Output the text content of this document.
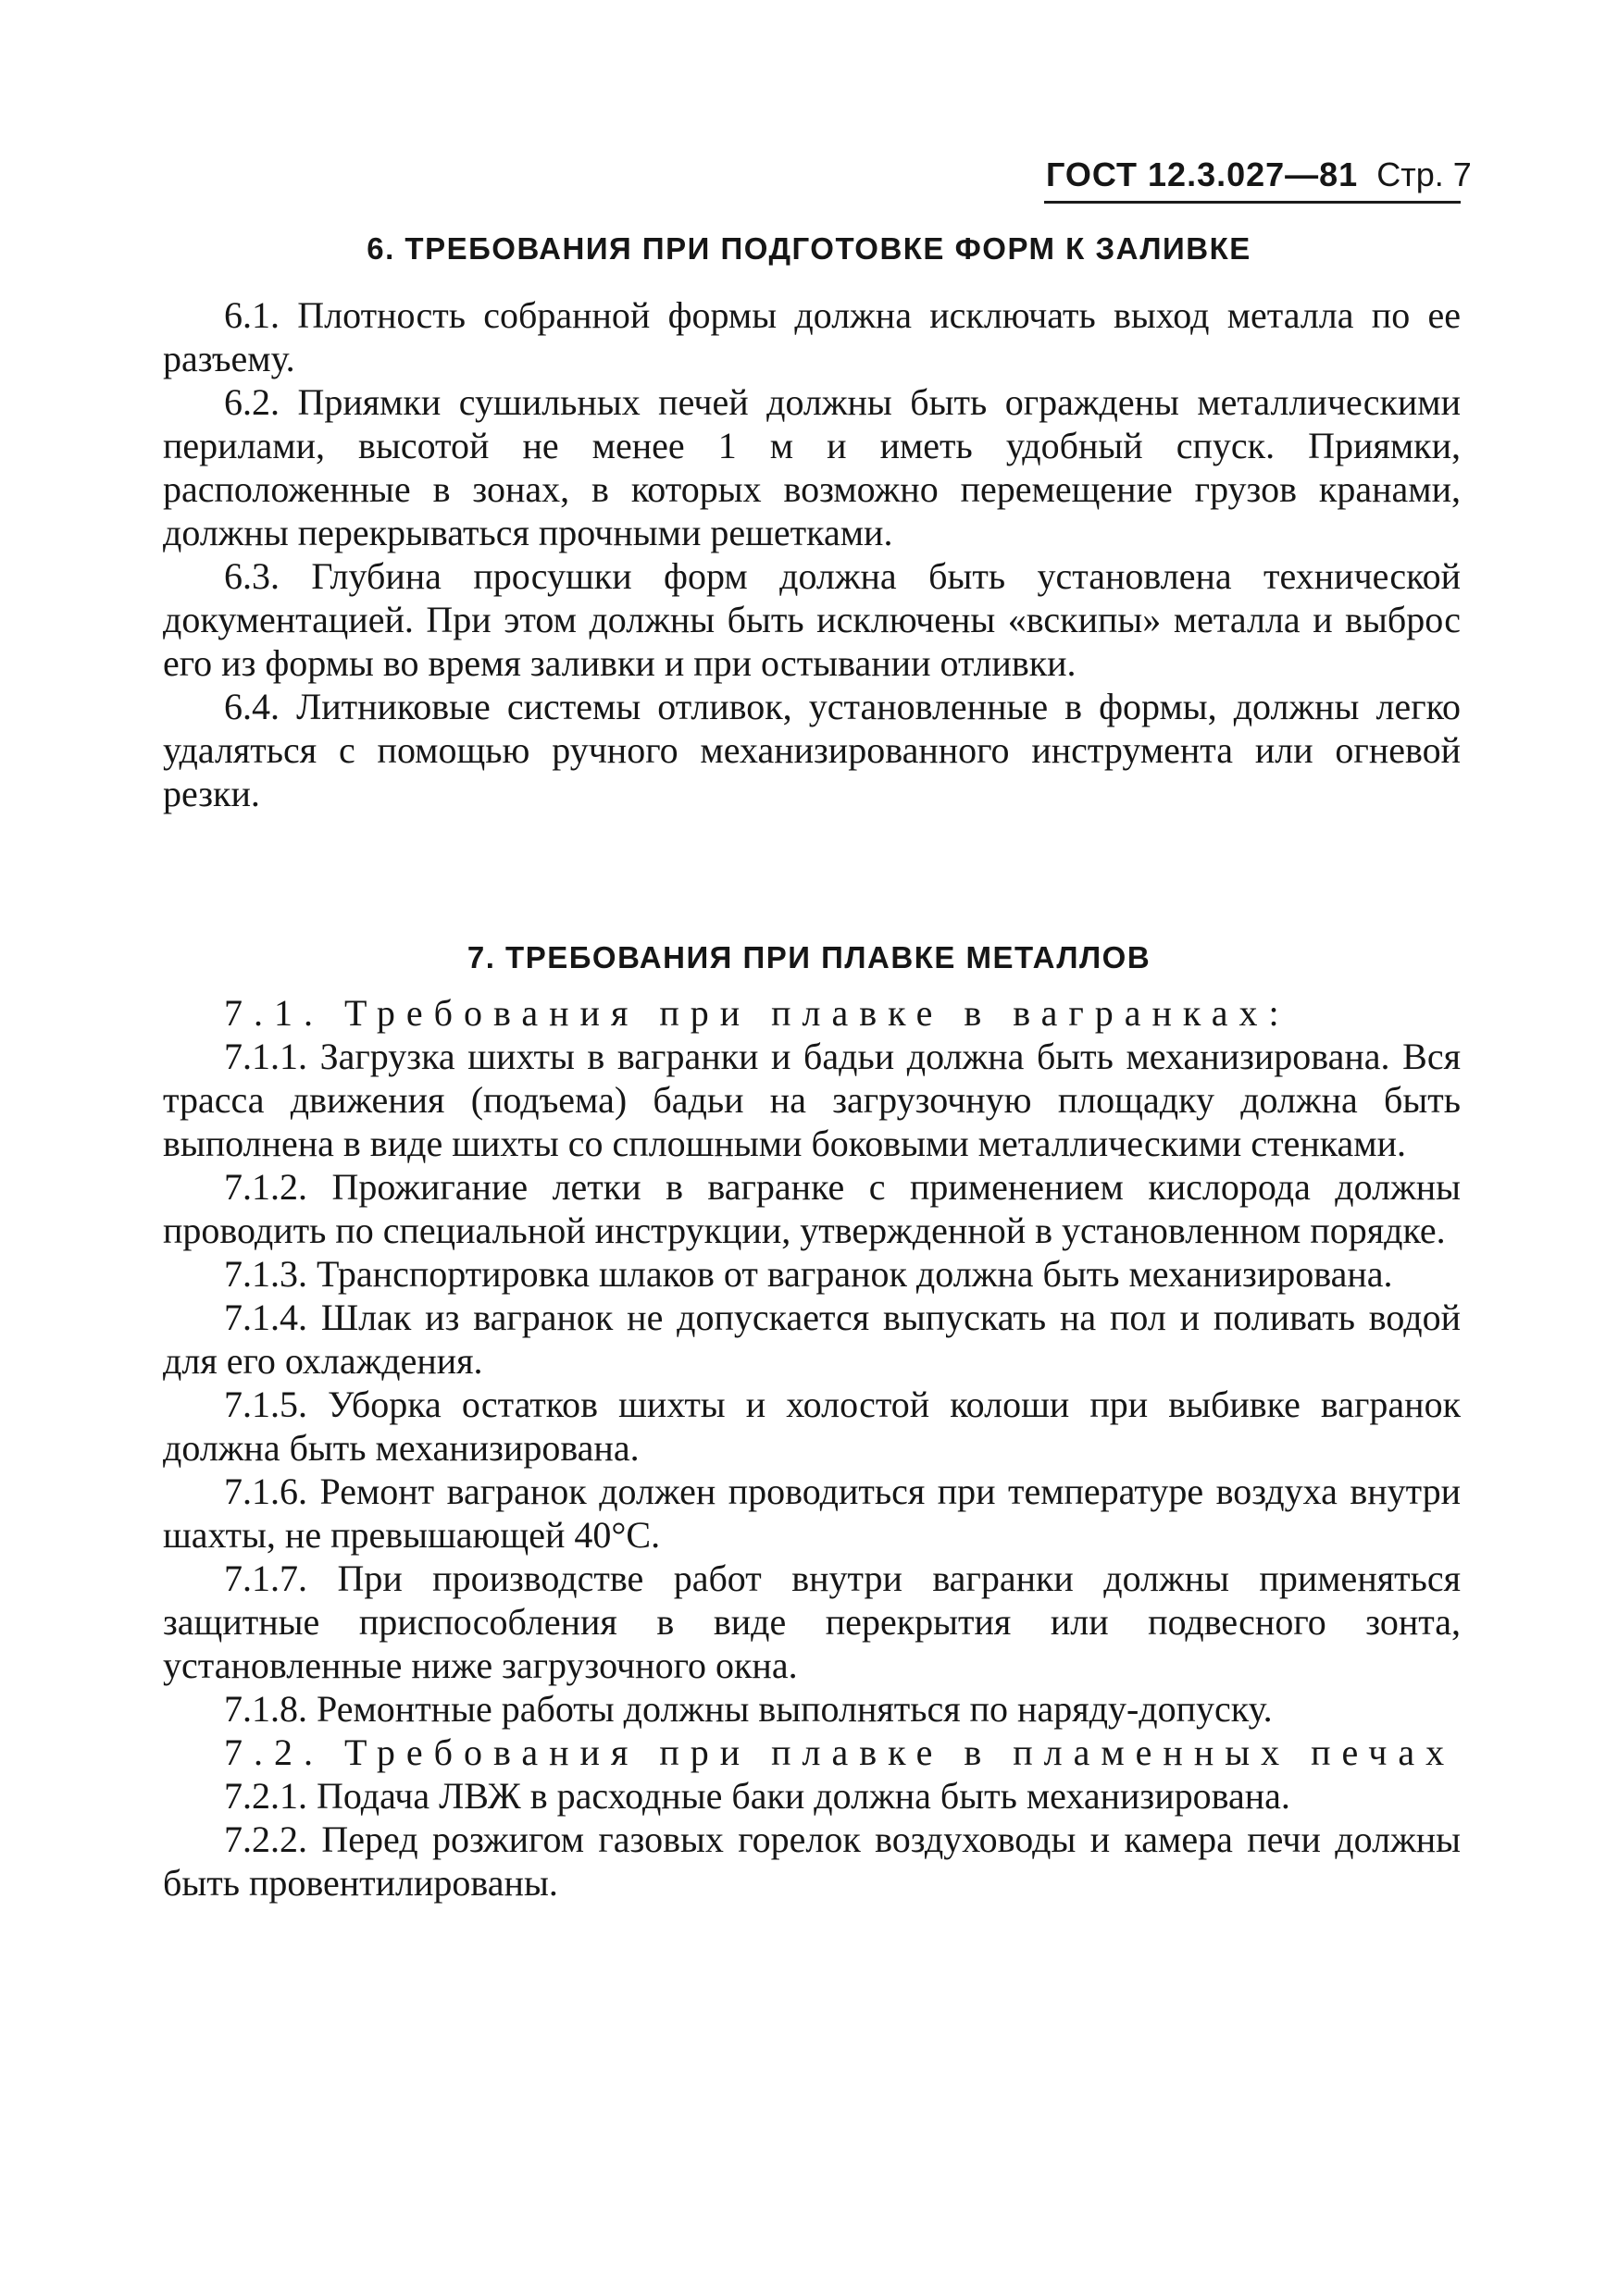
ГОСТ 12.3.027—81 Стр. 7
6. ТРЕБОВАНИЯ ПРИ ПОДГОТОВКЕ ФОРМ К ЗАЛИВКЕ

6.1. Плотность собранной формы должна исключать выход металла по ее разъему.

6.2. Приямки сушильных печей должны быть ограждены металлическими перилами, высотой не менее 1 м и иметь удобный спуск. Приямки, расположенные в зонах, в которых возможно перемещение грузов кранами, должны перекрываться прочными решетками.

6.3. Глубина просушки форм должна быть установлена технической документацией. При этом должны быть исключены «вскипы» металла и выброс его из формы во время заливки и при остывании отливки.

6.4. Литниковые системы отливок, установленные в формы, должны легко удаляться с помощью ручного механизированного инструмента или огневой резки.

7. ТРЕБОВАНИЯ ПРИ ПЛАВКЕ МЕТАЛЛОВ

7.1. Требования при плавке в вагранках:

7.1.1. Загрузка шихты в вагранки и бадьи должна быть механизирована. Вся трасса движения (подъема) бадьи на загрузочную площадку должна быть выполнена в виде шихты со сплошными боковыми металлическими стенками.

7.1.2. Прожигание летки в вагранке с применением кислорода должны проводить по специальной инструкции, утвержденной в установленном порядке.

7.1.3. Транспортировка шлаков от вагранок должна быть механизирована.

7.1.4. Шлак из вагранок не допускается выпускать на пол и поливать водой для его охлаждения.

7.1.5. Уборка остатков шихты и холостой колоши при выбивке вагранок должна быть механизирована.

7.1.6. Ремонт вагранок должен проводиться при температуре воздуха внутри шахты, не превышающей 40°С.

7.1.7. При производстве работ внутри вагранки должны применяться защитные приспособления в виде перекрытия или подвесного зонта, установленные ниже загрузочного окна.

7.1.8. Ремонтные работы должны выполняться по наряду-допуску.

7.2. Требования при плавке в пламенных печах

7.2.1. Подача ЛВЖ в расходные баки должна быть механизирована.

7.2.2. Перед розжигом газовых горелок воздуховоды и камера печи должны быть провентилированы.
